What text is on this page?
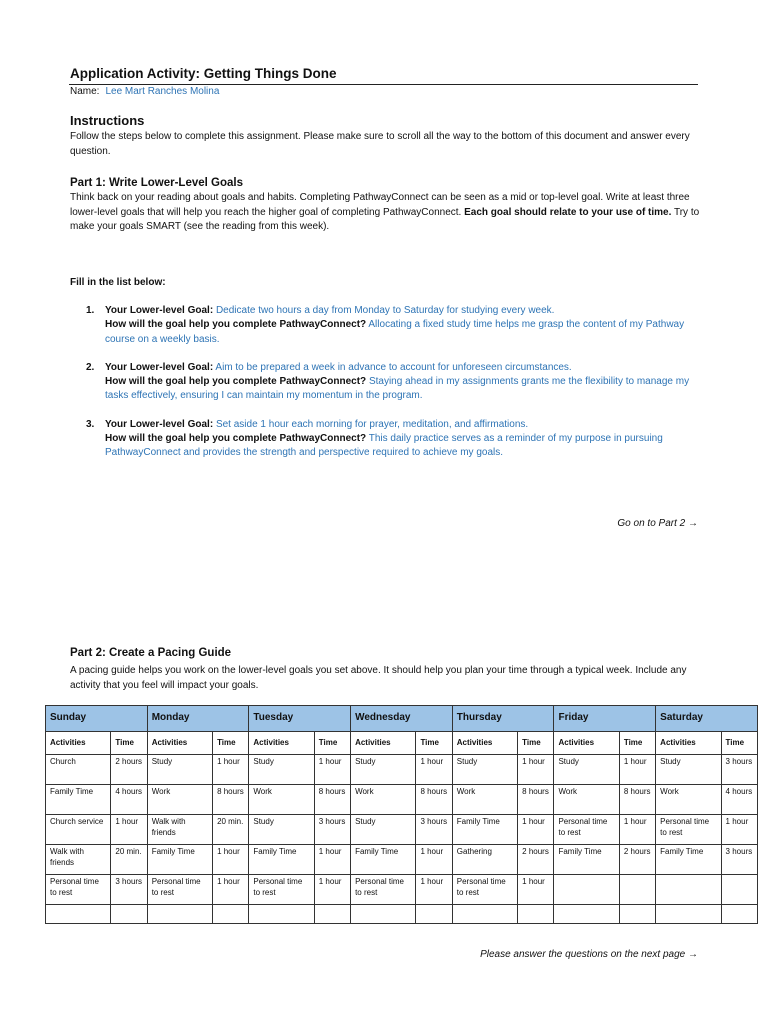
Application Activity: Getting Things Done
Name: Lee Mart Ranches Molina
Instructions
Follow the steps below to complete this assignment. Please make sure to scroll all the way to the bottom of this document and answer every question.
Part 1: Write Lower-Level Goals
Think back on your reading about goals and habits. Completing PathwayConnect can be seen as a mid or top-level goal. Write at least three lower-level goals that will help you reach the higher goal of completing PathwayConnect. Each goal should relate to your use of time. Try to make your goals SMART (see the reading from this week).
Fill in the list below:
1. Your Lower-level Goal: Dedicate two hours a day from Monday to Saturday for studying every week.
How will the goal help you complete PathwayConnect? Allocating a fixed study time helps me grasp the content of my Pathway course on a weekly basis.
2. Your Lower-level Goal: Aim to be prepared a week in advance to account for unforeseen circumstances.
How will the goal help you complete PathwayConnect? Staying ahead in my assignments grants me the flexibility to manage my tasks effectively, ensuring I can maintain my momentum in the program.
3. Your Lower-level Goal: Set aside 1 hour each morning for prayer, meditation, and affirmations.
How will the goal help you complete PathwayConnect? This daily practice serves as a reminder of my purpose in pursuing PathwayConnect and provides the strength and perspective required to achieve my goals.
Go on to Part 2 →
Part 2: Create a Pacing Guide
A pacing guide helps you work on the lower-level goals you set above. It should help you plan your time through a typical week. Include any activity that you feel will impact your goals.
Sunday		Monday		Tuesday		Wednesday		Thursday		Friday		Saturday	
Activities	Time	Activities	Time	Activities	Time	Activities	Time	Activities	Time	Activities	Time	Activities	Time
Church	2 hours	Study	1 hour	Study	1 hour	Study	1 hour	Study	1 hour	Study	1 hour	Study	3 hours
Family Time	4 hours	Work	8 hours	Work	8 hours	Work	8 hours	Work	8 hours	Work	8 hours	Work	4 hours
Church service	1 hour	Walk with friends	20 min.	Study	3 hours	Study	3 hours	Family Time	1 hour	Personal time to rest	1 hour	Personal time to rest	1 hour
Walk with friends	20 min.	Family Time	1 hour	Family Time	1 hour	Family Time	1 hour	Gathering	2 hours	Family Time	2 hours	Family Time	3 hours
Personal time to rest	3 hours	Personal time to rest	1 hour	Personal time to rest	1 hour	Personal time to rest	1 hour	Personal time to rest	1 hour				

Please answer the questions on the next page →
